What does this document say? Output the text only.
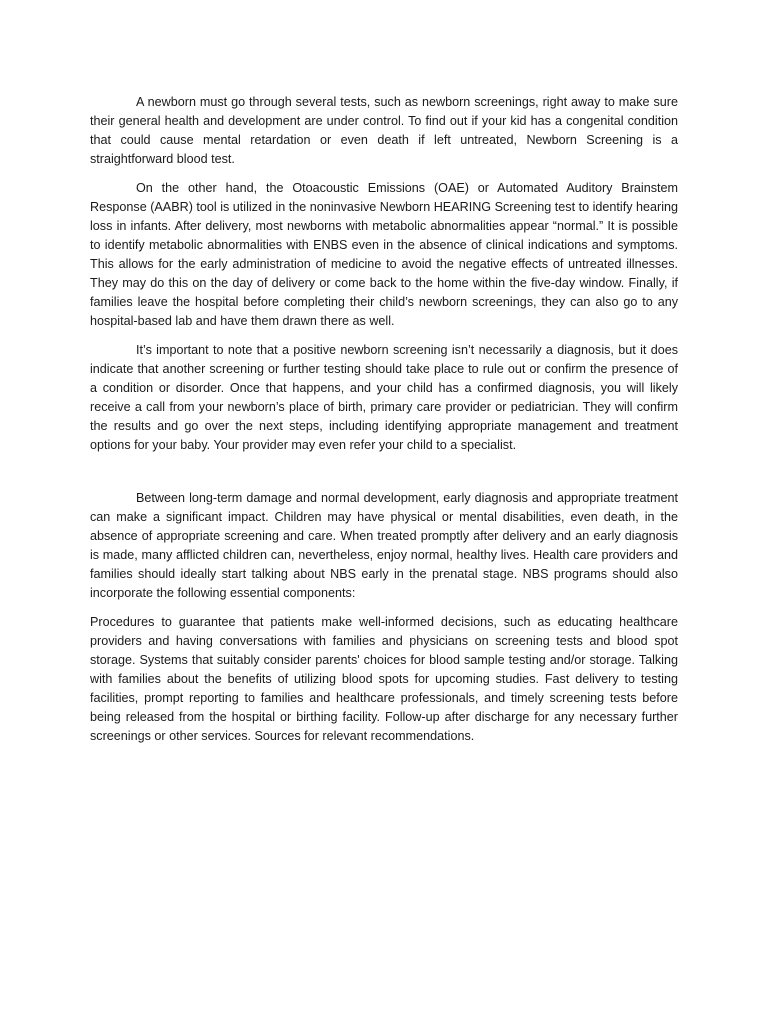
A newborn must go through several tests, such as newborn screenings, right away to make sure their general health and development are under control. To find out if your kid has a congenital condition that could cause mental retardation or even death if left untreated, Newborn Screening is a straightforward blood test.

On the other hand, the Otoacoustic Emissions (OAE) or Automated Auditory Brainstem Response (AABR) tool is utilized in the noninvasive Newborn HEARING Screening test to identify hearing loss in infants. After delivery, most newborns with metabolic abnormalities appear “normal.” It is possible to identify metabolic abnormalities with ENBS even in the absence of clinical indications and symptoms. This allows for the early administration of medicine to avoid the negative effects of untreated illnesses. They may do this on the day of delivery or come back to the home within the five-day window. Finally, if families leave the hospital before completing their child’s newborn screenings, they can also go to any hospital-based lab and have them drawn there as well.

It’s important to note that a positive newborn screening isn’t necessarily a diagnosis, but it does indicate that another screening or further testing should take place to rule out or confirm the presence of a condition or disorder. Once that happens, and your child has a confirmed diagnosis, you will likely receive a call from your newborn’s place of birth, primary care provider or pediatrician. They will confirm the results and go over the next steps, including identifying appropriate management and treatment options for your baby. Your provider may even refer your child to a specialist.

Between long-term damage and normal development, early diagnosis and appropriate treatment can make a significant impact. Children may have physical or mental disabilities, even death, in the absence of appropriate screening and care. When treated promptly after delivery and an early diagnosis is made, many afflicted children can, nevertheless, enjoy normal, healthy lives. Health care providers and families should ideally start talking about NBS early in the prenatal stage. NBS programs should also incorporate the following essential components:

Procedures to guarantee that patients make well-informed decisions, such as educating healthcare providers and having conversations with families and physicians on screening tests and blood spot storage. Systems that suitably consider parents' choices for blood sample testing and/or storage. Talking with families about the benefits of utilizing blood spots for upcoming studies. Fast delivery to testing facilities, prompt reporting to families and healthcare professionals, and timely screening tests before being released from the hospital or birthing facility. Follow-up after discharge for any necessary further screenings or other services. Sources for relevant recommendations.
